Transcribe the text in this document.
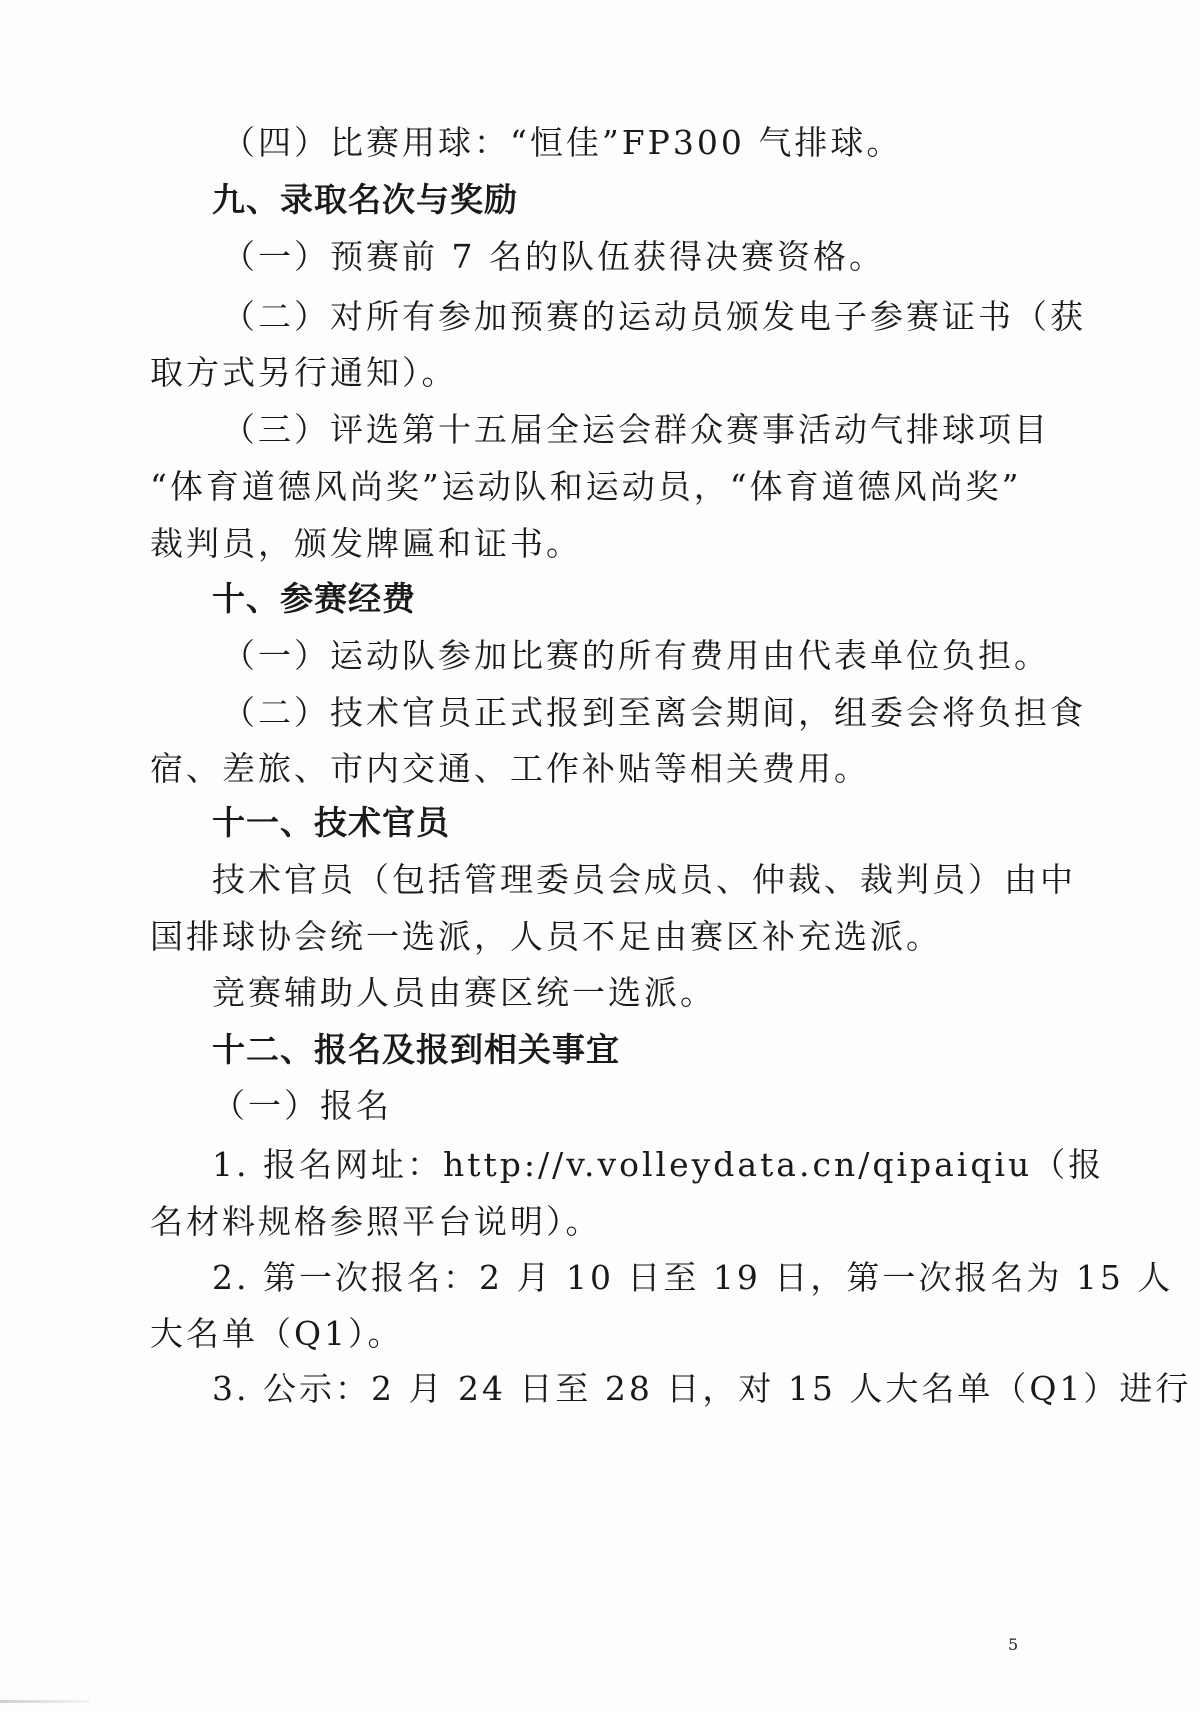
（四）比赛用球：“恒佳”FP300 气排球。
九、录取名次与奖励
（一）预赛前 7 名的队伍获得决赛资格。
（二）对所有参加预赛的运动员颁发电子参赛证书（获
取方式另行通知）。
（三）评选第十五届全运会群众赛事活动气排球项目
“体育道德风尚奖”运动队和运动员，“体育道德风尚奖”
裁判员，颁发牌匾和证书。
十、参赛经费
（一）运动队参加比赛的所有费用由代表单位负担。
（二）技术官员正式报到至离会期间，组委会将负担食
宿、差旅、市内交通、工作补贴等相关费用。
十一、技术官员
技术官员（包括管理委员会成员、仲裁、裁判员）由中
国排球协会统一选派，人员不足由赛区补充选派。
竞赛辅助人员由赛区统一选派。
十二、报名及报到相关事宜
（一）报名
1. 报名网址：http://v.volleydata.cn/qipaiqiu（报
名材料规格参照平台说明）。
2. 第一次报名：2 月 10 日至 19 日，第一次报名为 15 人
大名单（Q1）。
3. 公示：2 月 24 日至 28 日，对 15 人大名单（Q1）进行
5
